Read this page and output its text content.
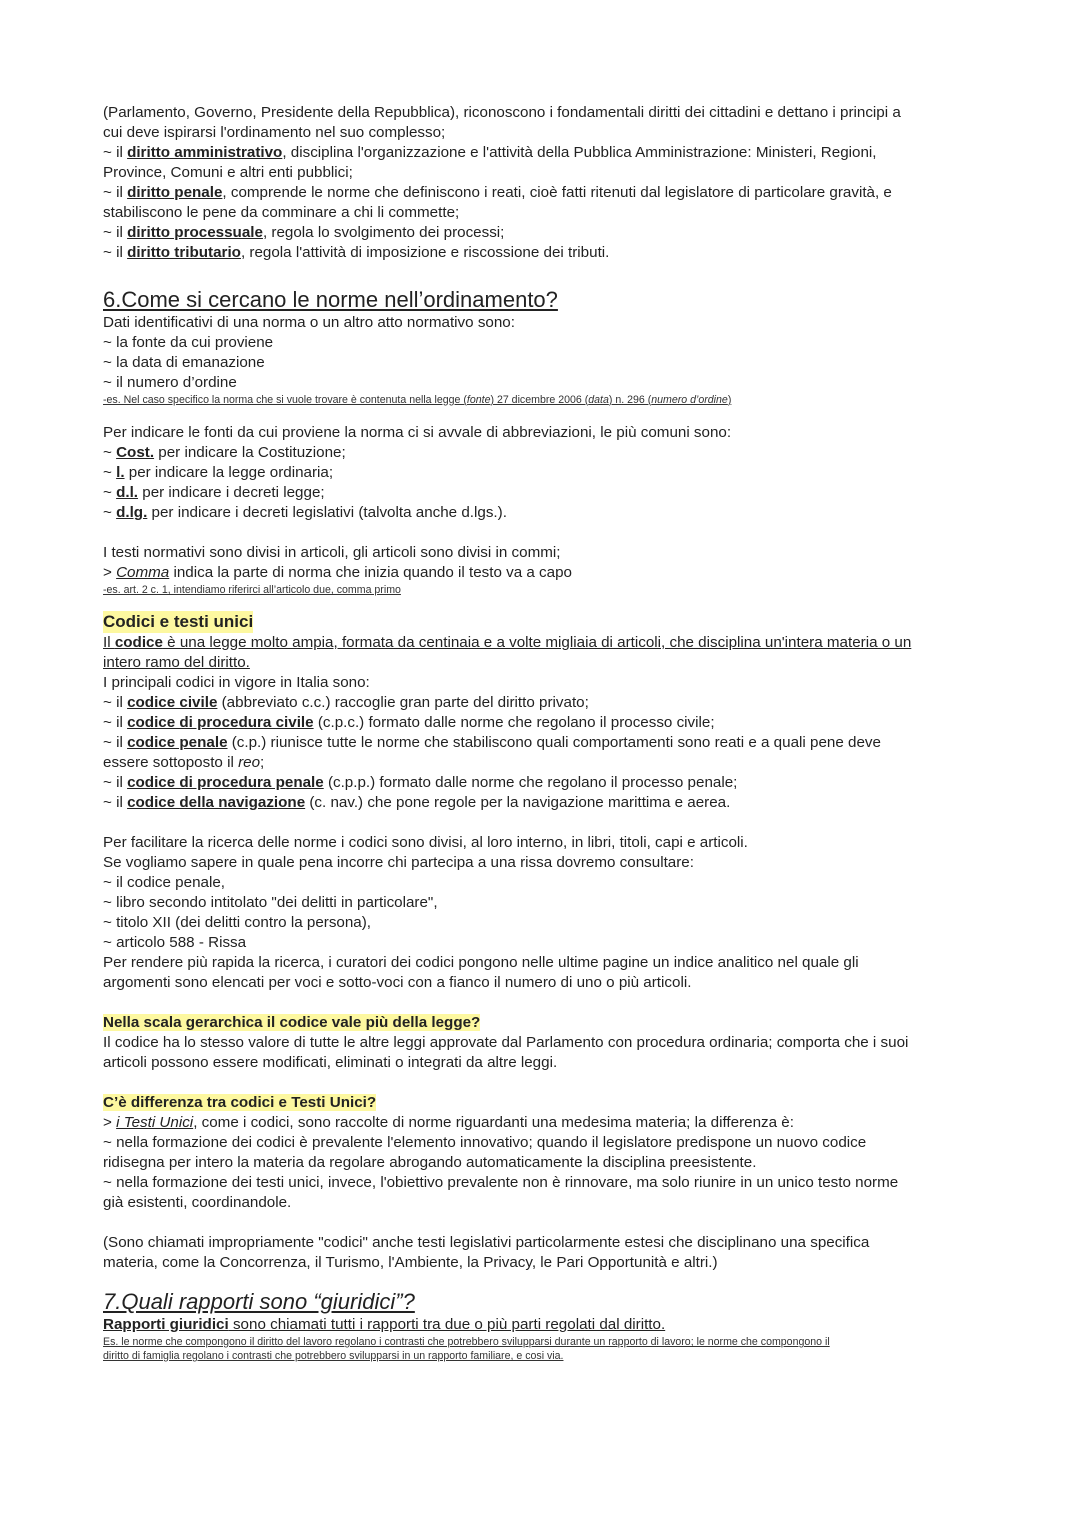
(Parlamento, Governo, Presidente della Repubblica), riconoscono i fondamentali diritti dei cittadini e dettano i principi a
cui deve ispirarsi l'ordinamento nel suo complesso;

~ il diritto amministrativo, disciplina l'organizzazione e l'attività della Pubblica Amministrazione: Ministeri, Regioni,
Province, Comuni e altri enti pubblici;

~ il diritto penale, comprende le norme che definiscono i reati, cioè fatti ritenuti dal legislatore di particolare gravità, e
stabiliscono le pene da comminare a chi li commette;

~ il diritto processuale, regola lo svolgimento dei processi;

~ il diritto tributario, regola l'attività di imposizione e riscossione dei tributi.

6.Come si cercano le norme nell’ordinamento?

Dati identificativi di una norma o un altro atto normativo sono:

~ la fonte da cui proviene

~ la data di emanazione

~ il numero d’ordine

-es. Nel caso specifico la norma che si vuole trovare è contenuta nella legge (fonte) 27 dicembre 2006 (data) n. 296 (numero d’ordine)

Per indicare le fonti da cui proviene la norma ci si avvale di abbreviazioni, le più comuni sono:

~ Cost. per indicare la Costituzione;

~ l. per indicare la legge ordinaria;

~ d.l. per indicare i decreti legge;

~ d.lg. per indicare i decreti legislativi (talvolta anche d.lgs.).

I testi normativi sono divisi in articoli, gli articoli sono divisi in commi;

> Comma indica la parte di norma che inizia quando il testo va a capo

-es. art. 2 c. 1, intendiamo riferirci all’articolo due, comma primo

Codici e testi unici

Il codice è una legge molto ampia, formata da centinaia e a volte migliaia di articoli, che disciplina un'intera materia o un
intero ramo del diritto.

I principali codici in vigore in Italia sono:

~ il codice civile (abbreviato c.c.) raccoglie gran parte del diritto privato;

~ il codice di procedura civile (c.p.c.) formato dalle norme che regolano il processo civile;

~ il codice penale (c.p.) riunisce tutte le norme che stabiliscono quali comportamenti sono reati e a quali pene deve
essere sottoposto il reo;

~ il codice di procedura penale (c.p.p.) formato dalle norme che regolano il processo penale;

~ il codice della navigazione (c. nav.) che pone regole per la navigazione marittima e aerea.

Per facilitare la ricerca delle norme i codici sono divisi, al loro interno, in libri, titoli, capi e articoli.

Se vogliamo sapere in quale pena incorre chi partecipa a una rissa dovremo consultare:

~ il codice penale,

~ libro secondo intitolato "dei delitti in particolare",

~ titolo XII (dei delitti contro la persona),

~ articolo 588 - Rissa

Per rendere più rapida la ricerca, i curatori dei codici pongono nelle ultime pagine un indice analitico nel quale gli
argomenti sono elencati per voci e sotto-voci con a fianco il numero di uno o più articoli.

Nella scala gerarchica il codice vale più della legge?

Il codice ha lo stesso valore di tutte le altre leggi approvate dal Parlamento con procedura ordinaria; comporta che i suoi
articoli possono essere modificati, eliminati o integrati da altre leggi.

C’è differenza tra codici e Testi Unici?

> i Testi Unici, come i codici, sono raccolte di norme riguardanti una medesima materia; la differenza è:

~ nella formazione dei codici è prevalente l'elemento innovativo; quando il legislatore predispone un nuovo codice
ridisegna per intero la materia da regolare abrogando automaticamente la disciplina preesistente.

~ nella formazione dei testi unici, invece, l'obiettivo prevalente non è rinnovare, ma solo riunire in un unico testo norme
già esistenti, coordinandole.

(Sono chiamati impropriamente "codici" anche testi legislativi particolarmente estesi che disciplinano una specifica
materia, come la Concorrenza, il Turismo, l'Ambiente, la Privacy, le Pari Opportunità e altri.)

7.Quali rapporti sono “giuridici”?

Rapporti giuridici sono chiamati tutti i rapporti tra due o più parti regolati dal diritto.

Es. le norme che compongono il diritto del lavoro regolano i contrasti che potrebbero svilupparsi durante un rapporto di lavoro; le norme che compongono il
diritto di famiglia regolano i contrasti che potrebbero svilupparsi in un rapporto familiare, e cosi via.
